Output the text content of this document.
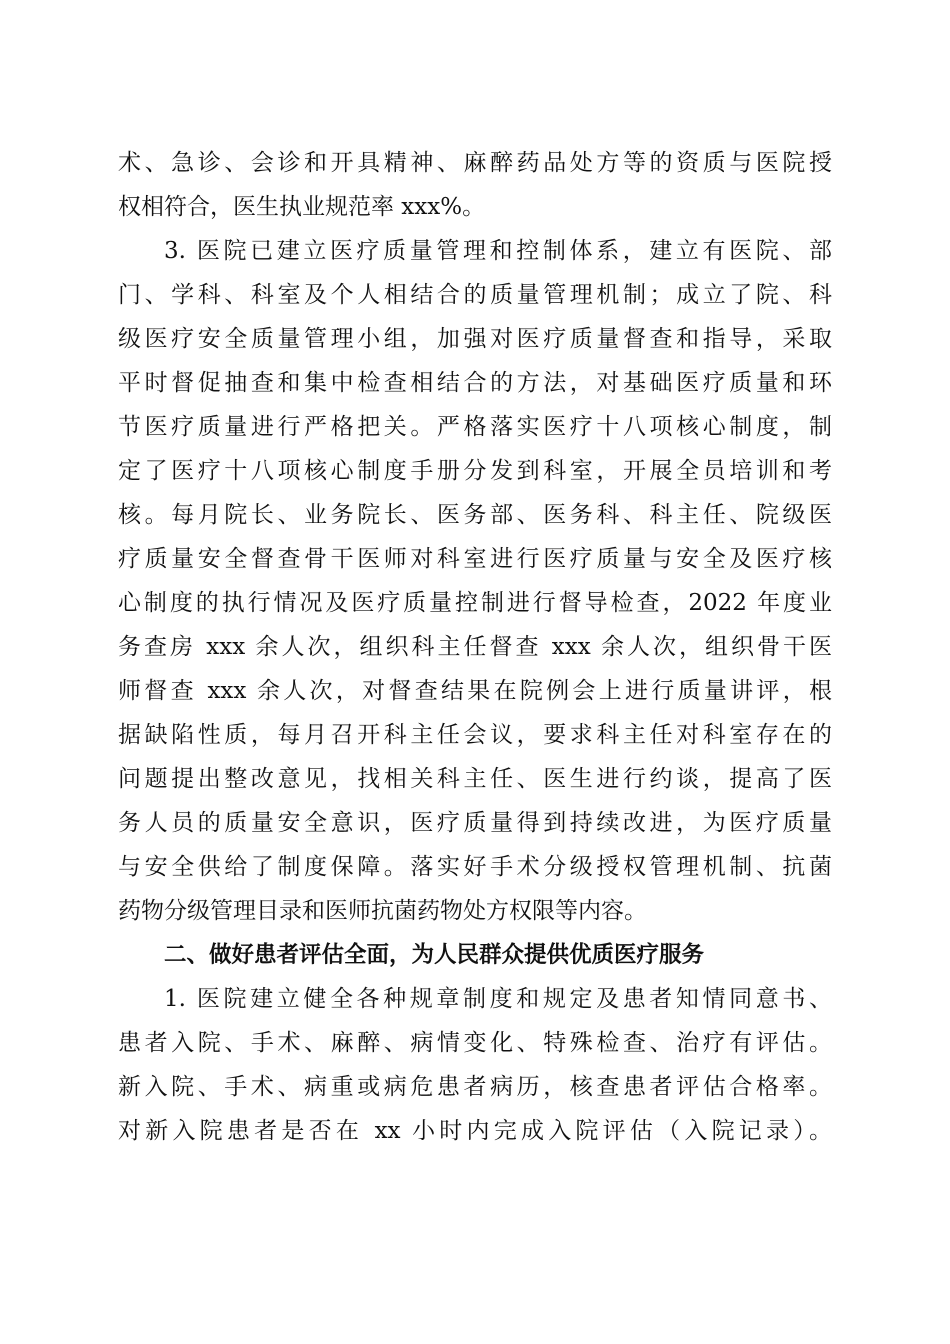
术、急诊、会诊和开具精神、麻醉药品处方等的资质与医院授
权相符合，医生执业规范率 xxx%。
3. 医院已建立医疗质量管理和控制体系，建立有医院、部
门、学科、科室及个人相结合的质量管理机制；成立了院、科
级医疗安全质量管理小组，加强对医疗质量督查和指导，采取
平时督促抽查和集中检查相结合的方法，对基础医疗质量和环
节医疗质量进行严格把关。严格落实医疗十八项核心制度，制
定了医疗十八项核心制度手册分发到科室，开展全员培训和考
核。每月院长、业务院长、医务部、医务科、科主任、院级医
疗质量安全督查骨干医师对科室进行医疗质量与安全及医疗核
心制度的执行情况及医疗质量控制进行督导检查，2022 年度业
务查房 xxx 余人次，组织科主任督查 xxx 余人次，组织骨干医
师督查 xxx 余人次，对督查结果在院例会上进行质量讲评，根
据缺陷性质，每月召开科主任会议，要求科主任对科室存在的
问题提出整改意见，找相关科主任、医生进行约谈，提高了医
务人员的质量安全意识，医疗质量得到持续改进，为医疗质量
与安全供给了制度保障。落实好手术分级授权管理机制、抗菌
药物分级管理目录和医师抗菌药物处方权限等内容。
二、做好患者评估全面，为人民群众提供优质医疗服务
1. 医院建立健全各种规章制度和规定及患者知情同意书、
患者入院、手术、麻醉、病情变化、特殊检查、治疗有评估。
新入院、手术、病重或病危患者病历，核查患者评估合格率。
对新入院患者是否在 xx 小时内完成入院评估（入院记录）。
